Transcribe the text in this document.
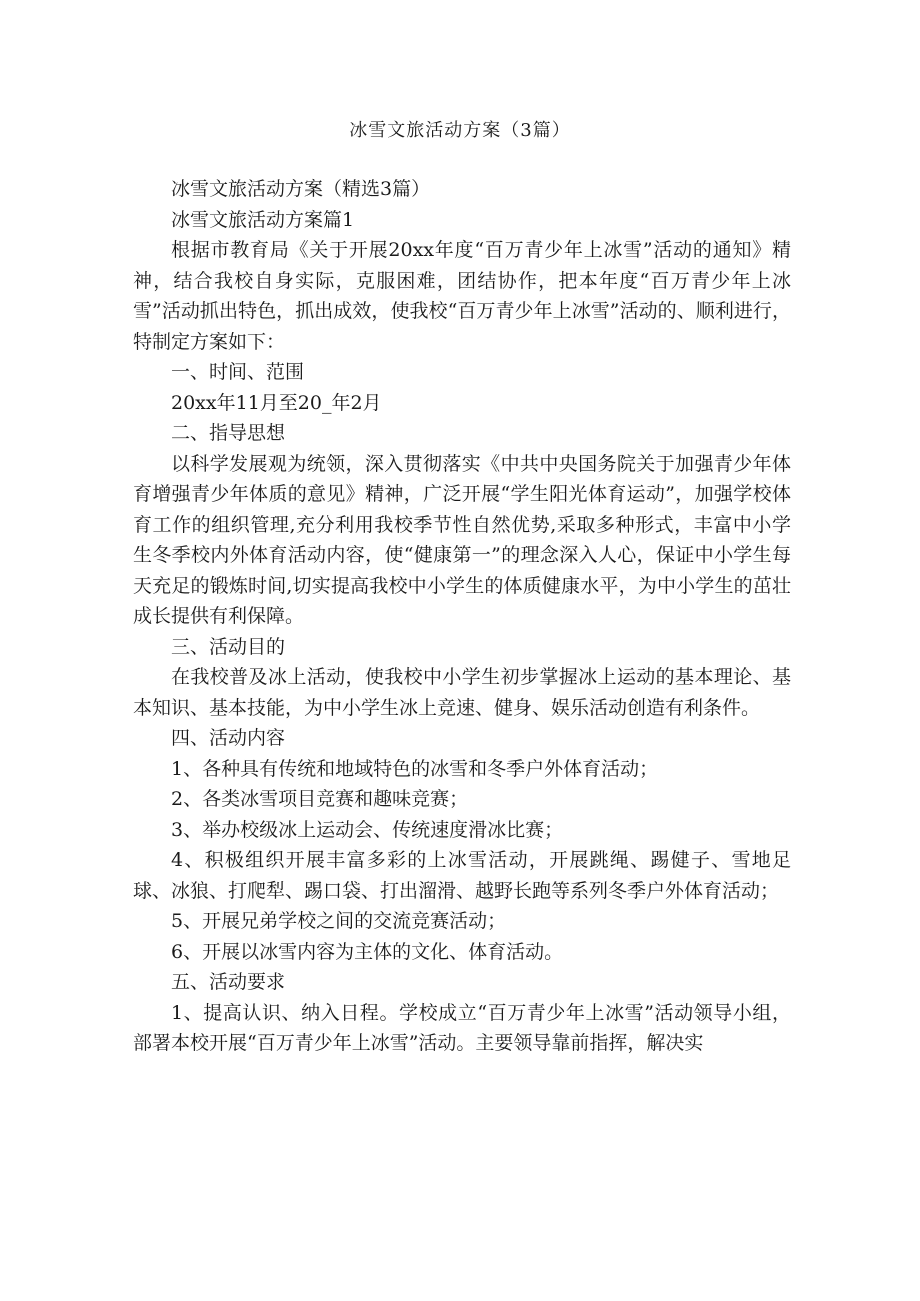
冰雪文旅活动方案（3篇）

冰雪文旅活动方案（精选3篇）

冰雪文旅活动方案篇1

根据市教育局《关于开展20xx年度“百万青少年上冰雪”活动的通知》精神，结合我校自身实际，克服困难，团结协作，把本年度“百万青少年上冰雪”活动抓出特色，抓出成效，使我校“百万青少年上冰雪”活动的、顺利进行，特制定方案如下：

一、时间、范围

20xx年11月至20_年2月

二、指导思想

以科学发展观为统领，深入贯彻落实《中共中央国务院关于加强青少年体育增强青少年体质的意见》精神，广泛开展“学生阳光体育运动”，加强学校体育工作的组织管理,充分利用我校季节性自然优势,采取多种形式，丰富中小学生冬季校内外体育活动内容，使“健康第一”的理念深入人心，保证中小学生每天充足的锻炼时间,切实提高我校中小学生的体质健康水平，为中小学生的茁壮成长提供有利保障。

三、活动目的

在我校普及冰上活动，使我校中小学生初步掌握冰上运动的基本理论、基本知识、基本技能，为中小学生冰上竞速、健身、娱乐活动创造有利条件。

四、活动内容

1、各种具有传统和地域特色的冰雪和冬季户外体育活动；

2、各类冰雪项目竞赛和趣味竞赛；

3、举办校级冰上运动会、传统速度滑冰比赛；

4、积极组织开展丰富多彩的上冰雪活动，开展跳绳、踢健子、雪地足球、冰狼、打爬犁、踢口袋、打出溜滑、越野长跑等系列冬季户外体育活动；

5、开展兄弟学校之间的交流竞赛活动；

6、开展以冰雪内容为主体的文化、体育活动。

五、活动要求

1、提高认识、纳入日程。学校成立“百万青少年上冰雪”活动领导小组，部署本校开展“百万青少年上冰雪”活动。主要领导靠前指挥，解决实
